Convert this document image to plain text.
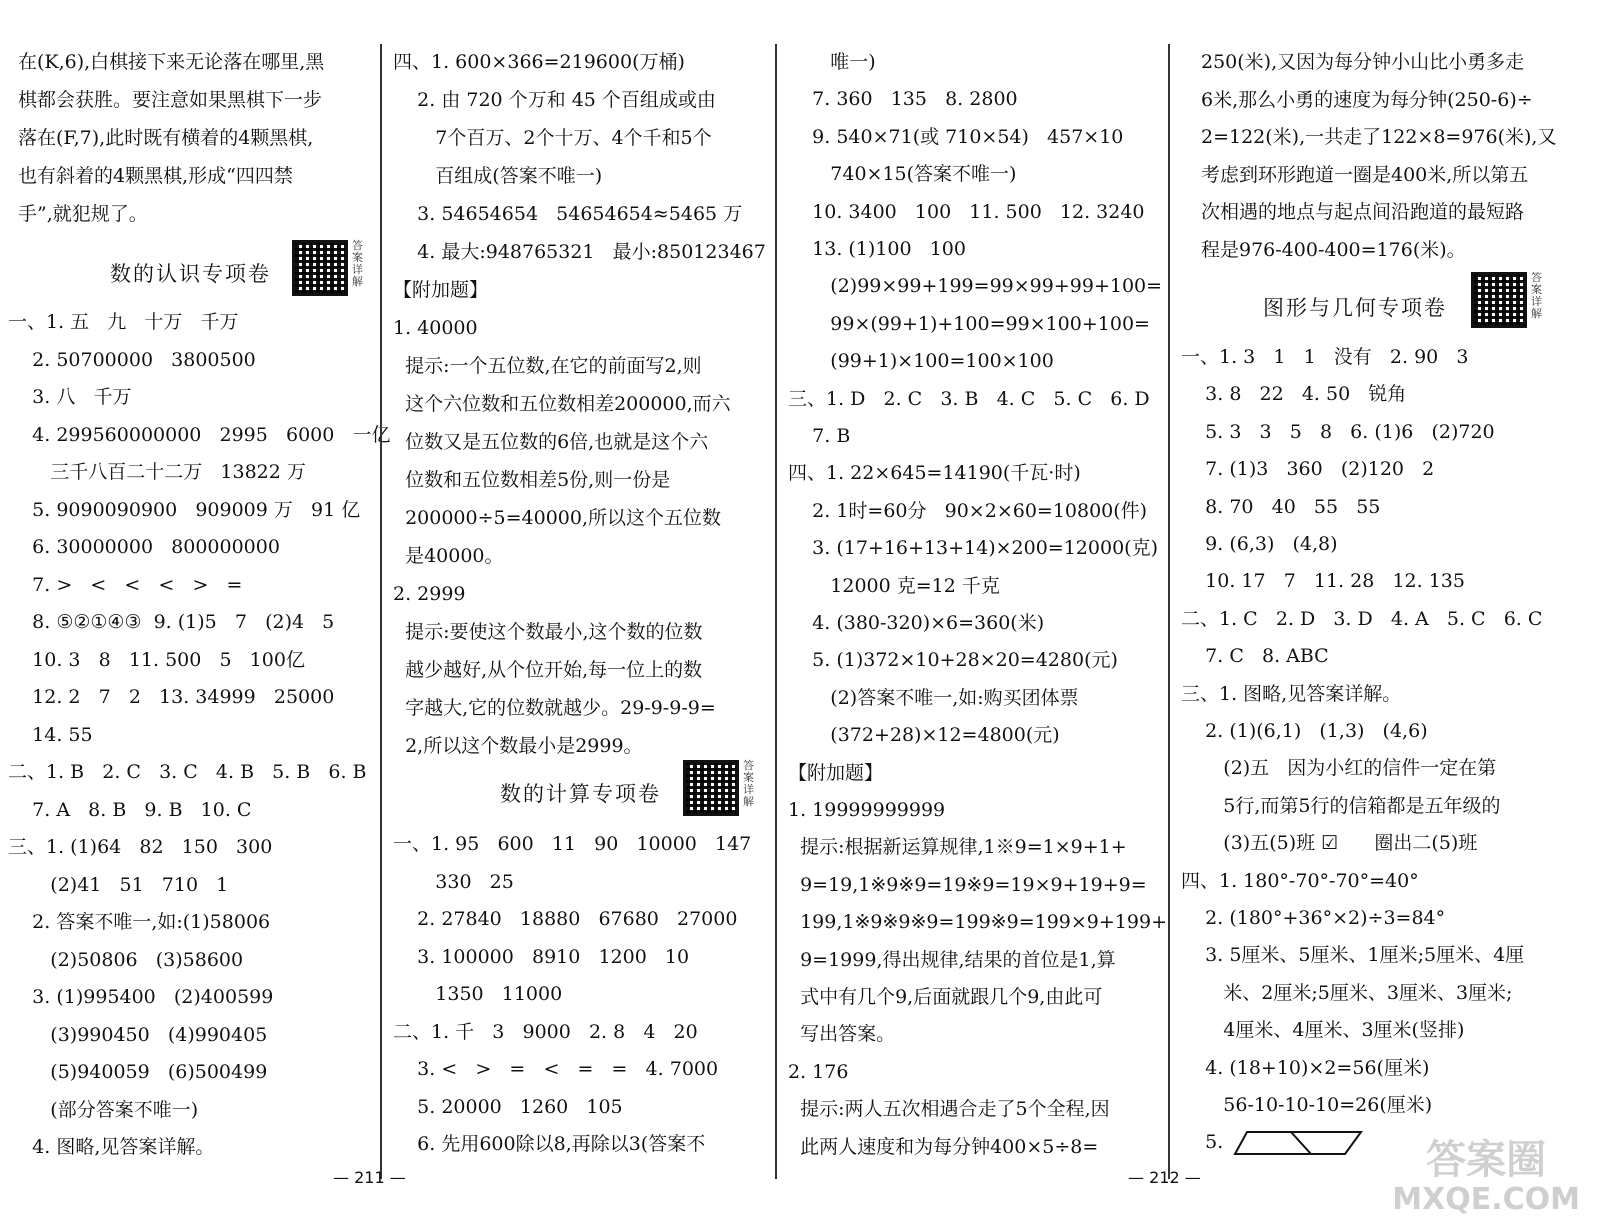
在(K,6),白棋接下来无论落在哪里,黑
棋都会获胜。要注意如果黑棋下一步
落在(F,7),此时既有横着的4颗黑棋,
也有斜着的4颗黑棋,形成“四四禁
手”,就犯规了。
数的认识专项卷
答案详解
一、1. 五   九   十万   千万
2. 50700000   3800500
3. 八   千万
4. 299560000000   2995   6000   一亿
三千八百二十二万   13822 万
5. 9090090900   909009 万   91 亿
6. 30000000   800000000
7. >   <   <   <   >   =
8. ⑤②①④③  9. (1)5   7   (2)4   5
10. 3   8   11. 500   5   100亿
12. 2   7   2   13. 34999   25000
14. 55
二、1. B   2. C   3. C   4. B   5. B   6. B
7. A   8. B   9. B   10. C
三、1. (1)64   82   150   300
(2)41   51   710   1
2. 答案不唯一,如:(1)58006
(2)50806   (3)58600
3. (1)995400   (2)400599
(3)990450   (4)990405
(5)940059   (6)500499
(部分答案不唯一)
4. 图略,见答案详解。
四、1. 600×366=219600(万桶)
2. 由 720 个万和 45 个百组成或由
7个百万、2个十万、4个千和5个
百组成(答案不唯一)
3. 54654654   54654654≈5465 万
4. 最大:948765321   最小:850123467
【附加题】
1. 40000
提示:一个五位数,在它的前面写2,则
这个六位数和五位数相差200000,而六
位数又是五位数的6倍,也就是这个六
位数和五位数相差5份,则一份是
200000÷5=40000,所以这个五位数
是40000。
2. 2999
提示:要使这个数最小,这个数的位数
越少越好,从个位开始,每一位上的数
字越大,它的位数就越少。29-9-9-9=
2,所以这个数最小是2999。
数的计算专项卷
答案详解
一、1. 95   600   11   90   10000   147
330   25
2. 27840   18880   67680   27000
3. 100000   8910   1200   10
1350   11000
二、1. 千   3   9000   2. 8   4   20
3. <   >   =   <   =   =   4. 7000
5. 20000   1260   105
6. 先用600除以8,再除以3(答案不
唯一)
7. 360   135   8. 2800
9. 540×71(或 710×54)   457×10
740×15(答案不唯一)
10. 3400   100   11. 500   12. 3240
13. (1)100   100
(2)99×99+199=99×99+99+100=
99×(99+1)+100=99×100+100=
(99+1)×100=100×100
三、1. D   2. C   3. B   4. C   5. C   6. D
7. B
四、1. 22×645=14190(千瓦·时)
2. 1时=60分   90×2×60=10800(件)
3. (17+16+13+14)×200=12000(克)
12000 克=12 千克
4. (380-320)×6=360(米)
5. (1)372×10+28×20=4280(元)
(2)答案不唯一,如:购买团体票
(372+28)×12=4800(元)
【附加题】
1. 19999999999
提示:根据新运算规律,1※9=1×9+1+
9=19,1※9※9=19※9=19×9+19+9=
199,1※9※9※9=199※9=199×9+199+
9=1999,得出规律,结果的首位是1,算
式中有几个9,后面就跟几个9,由此可
写出答案。
2. 176
提示:两人五次相遇合走了5个全程,因
此两人速度和为每分钟400×5÷8=
250(米),又因为每分钟小山比小勇多走
6米,那么小勇的速度为每分钟(250-6)÷
2=122(米),一共走了122×8=976(米),又
考虑到环形跑道一圈是400米,所以第五
次相遇的地点与起点间沿跑道的最短路
程是976-400-400=176(米)。
图形与几何专项卷
答案详解
一、1. 3   1   1   没有   2. 90   3
3. 8   22   4. 50   锐角
5. 3   3   5   8   6. (1)6   (2)720
7. (1)3   360   (2)120   2
8. 70   40   55   55
9. (6,3)   (4,8)
10. 17   7   11. 28   12. 135
二、1. C   2. D   3. D   4. A   5. C   6. C
7. C   8. ABC
三、1. 图略,见答案详解。
2. (1)(6,1)   (1,3)   (4,6)
(2)五   因为小红的信件一定在第
5行,而第5行的信箱都是五年级的
(3)五(5)班 ☑      圈出二(5)班
四、1. 180°-70°-70°=40°
2. (180°+36°×2)÷3=84°
3. 5厘米、5厘米、1厘米;5厘米、4厘
米、2厘米;5厘米、3厘米、3厘米;
4厘米、4厘米、3厘米(竖排)
4. (18+10)×2=56(厘米)
56-10-10-10=26(厘米)
5.
— 211 —	— 212 —	答案圈
MXQE.COM
